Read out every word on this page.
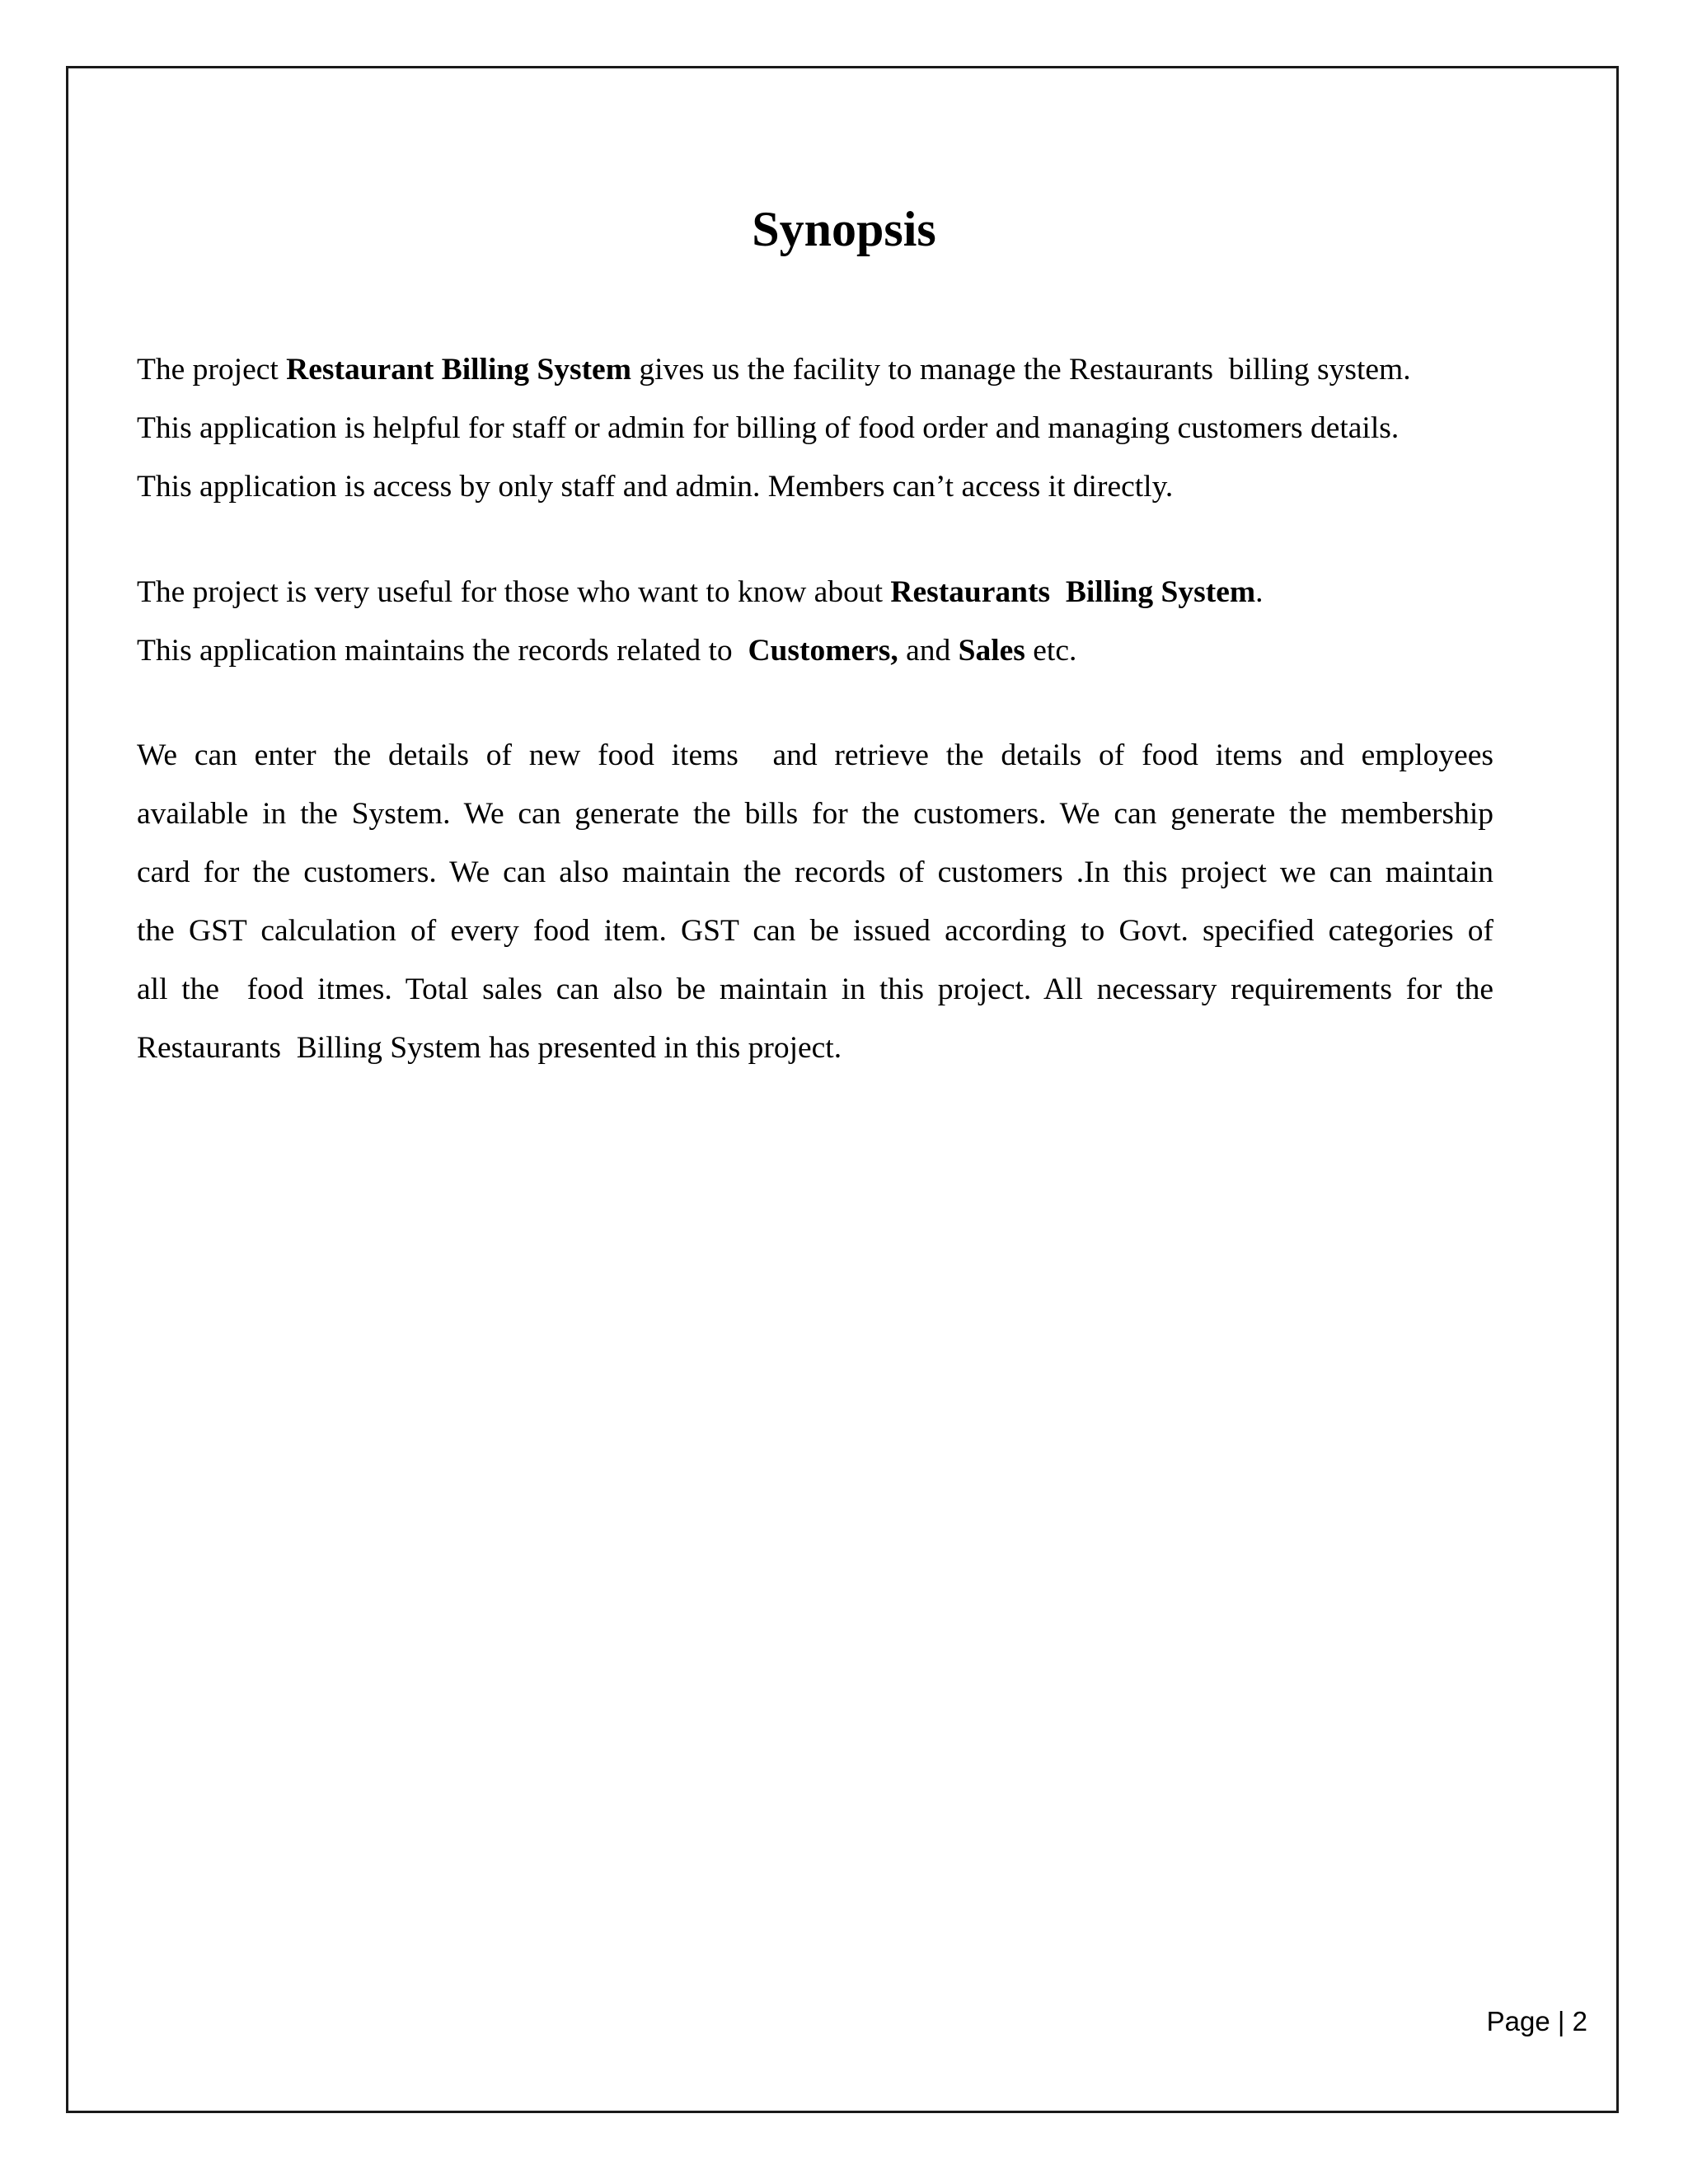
Synopsis

The project Restaurant Billing System gives us the facility to manage the Restaurants  billing system.
This application is helpful for staff or admin for billing of food order and managing customers details.
This application is access by only staff and admin. Members can’t access it directly.

The project is very useful for those who want to know about Restaurants  Billing System.
This application maintains the records related to  Customers, and Sales etc.

We can enter the details of new food items  and retrieve the details of food items and employees
available in the System. We can generate the bills for the customers. We can generate the membership
card for the customers. We can also maintain the records of customers .In this project we can maintain
the GST calculation of every food item. GST can be issued according to Govt. specified categories of
all the  food itmes. Total sales can also be maintain in this project. All necessary requirements for the
Restaurants  Billing System has presented in this project.

Page | 2
